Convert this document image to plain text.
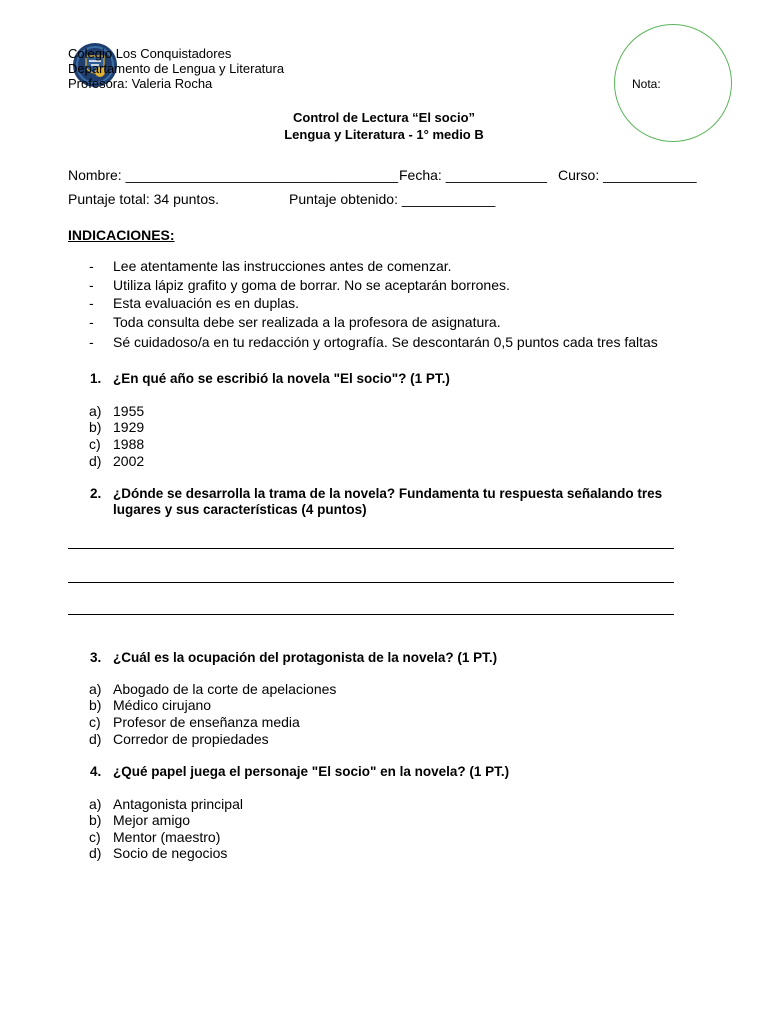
Colegio Los Conquistadores
Departamento de Lengua y Literatura
Profesora: Valeria Rocha	Nota:
Control de Lectura “El socio”
Lengua y Literatura - 1° medio B
Nombre: ___________________________________ Fecha: _____________ Curso: ____________
Puntaje total: 34 puntos.	Puntaje obtenido: ____________
INDICACIONES:
- Lee atentamente las instrucciones antes de comenzar.
- Utiliza lápiz grafito y goma de borrar. No se aceptarán borrones.
- Esta evaluación es en duplas.
- Toda consulta debe ser realizada a la profesora de asignatura.
- Sé cuidadoso/a en tu redacción y ortografía. Se descontarán 0,5 puntos cada tres faltas
1. ¿En qué año se escribió la novela "El socio"? (1 PT.)
a) 1955
b) 1929
c) 1988
d) 2002
2. ¿Dónde se desarrolla la trama de la novela? Fundamenta tu respuesta señalando tres
lugares y sus características (4 puntos)
3. ¿Cuál es la ocupación del protagonista de la novela? (1 PT.)
a) Abogado de la corte de apelaciones
b) Médico cirujano
c) Profesor de enseñanza media
d) Corredor de propiedades
4. ¿Qué papel juega el personaje "El socio" en la novela? (1 PT.)
a) Antagonista principal
b) Mejor amigo
c) Mentor (maestro)
d) Socio de negocios
